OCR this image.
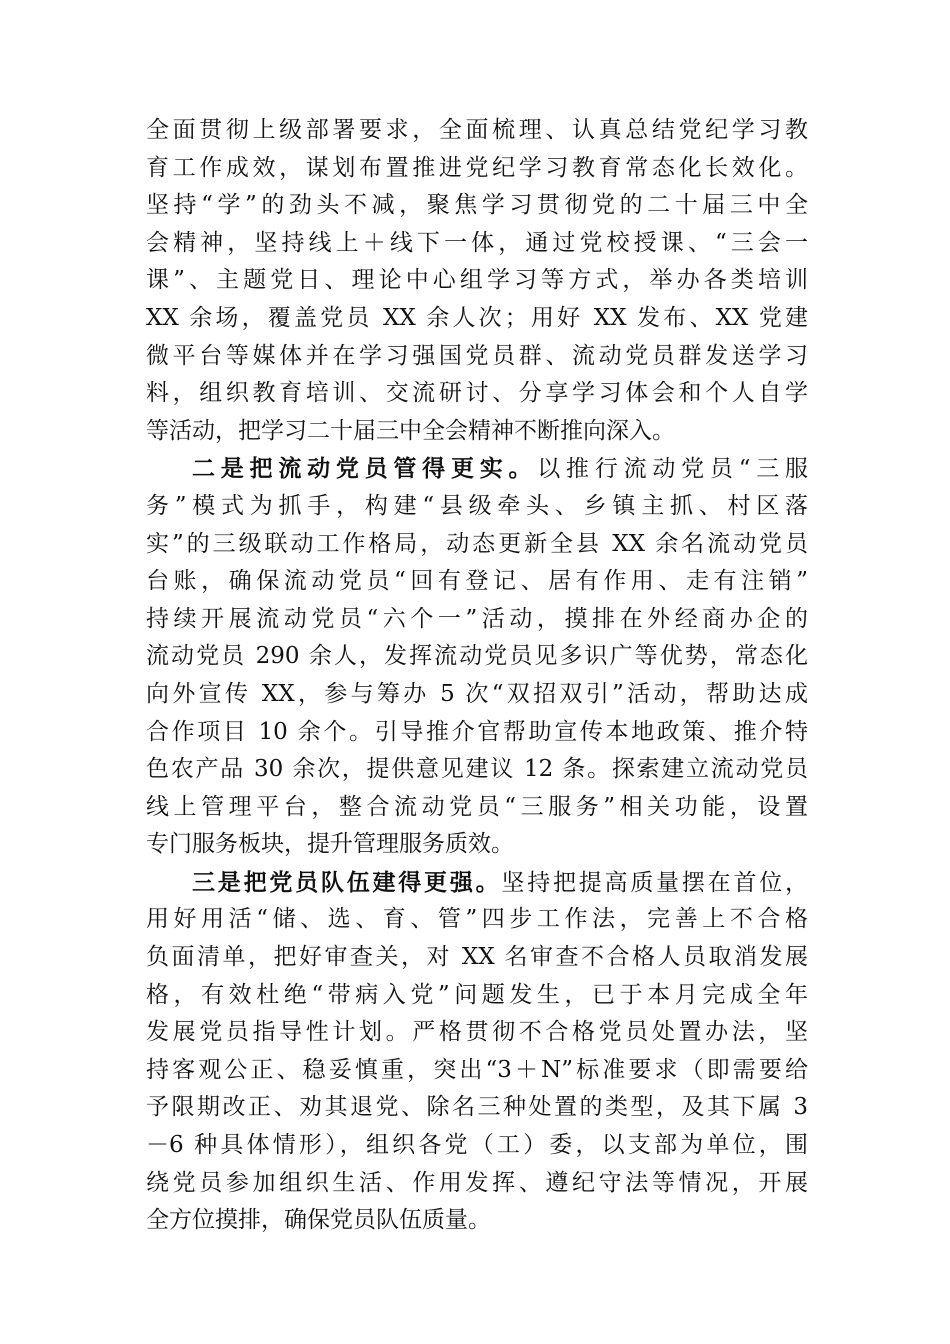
全面贯彻上级部署要求，全面梳理、认真总结党纪学习教
育工作成效，谋划布置推进党纪学习教育常态化长效化。
坚持“学”的劲头不减，聚焦学习贯彻党的二十届三中全
会精神，坚持线上＋线下一体，通过党校授课、“三会一
课”、主题党日、理论中心组学习等方式，举办各类培训
XX 余场，覆盖党员 XX 余人次；用好 XX 发布、XX 党建
微平台等媒体并在学习强国党员群、流动党员群发送学习
料，组织教育培训、交流研讨、分享学习体会和个人自学
等活动，把学习二十届三中全会精神不断推向深入。
二是把流动党员管得更实。以推行流动党员“三服
务”模式为抓手，构建“县级牵头、乡镇主抓、村区落
实”的三级联动工作格局，动态更新全县 XX 余名流动党员
台账，确保流动党员“回有登记、居有作用、走有注销”
持续开展流动党员“六个一”活动，摸排在外经商办企的
流动党员 290 余人，发挥流动党员见多识广等优势，常态化
向外宣传 XX，参与筹办 5 次“双招双引”活动，帮助达成
合作项目 10 余个。引导推介官帮助宣传本地政策、推介特
色农产品 30 余次，提供意见建议 12 条。探索建立流动党员
线上管理平台，整合流动党员“三服务”相关功能，设置
专门服务板块，提升管理服务质效。
三是把党员队伍建得更强。坚持把提高质量摆在首位，
用好用活“储、选、育、管”四步工作法，完善上不合格
负面清单，把好审查关，对 XX 名审查不合格人员取消发展
格，有效杜绝“带病入党”问题发生，已于本月完成全年
发展党员指导性计划。严格贯彻不合格党员处置办法，坚
持客观公正、稳妥慎重，突出“3＋N”标准要求（即需要给
予限期改正、劝其退党、除名三种处置的类型，及其下属 3
－6 种具体情形），组织各党（工）委，以支部为单位，围
绕党员参加组织生活、作用发挥、遵纪守法等情况，开展
全方位摸排，确保党员队伍质量。
